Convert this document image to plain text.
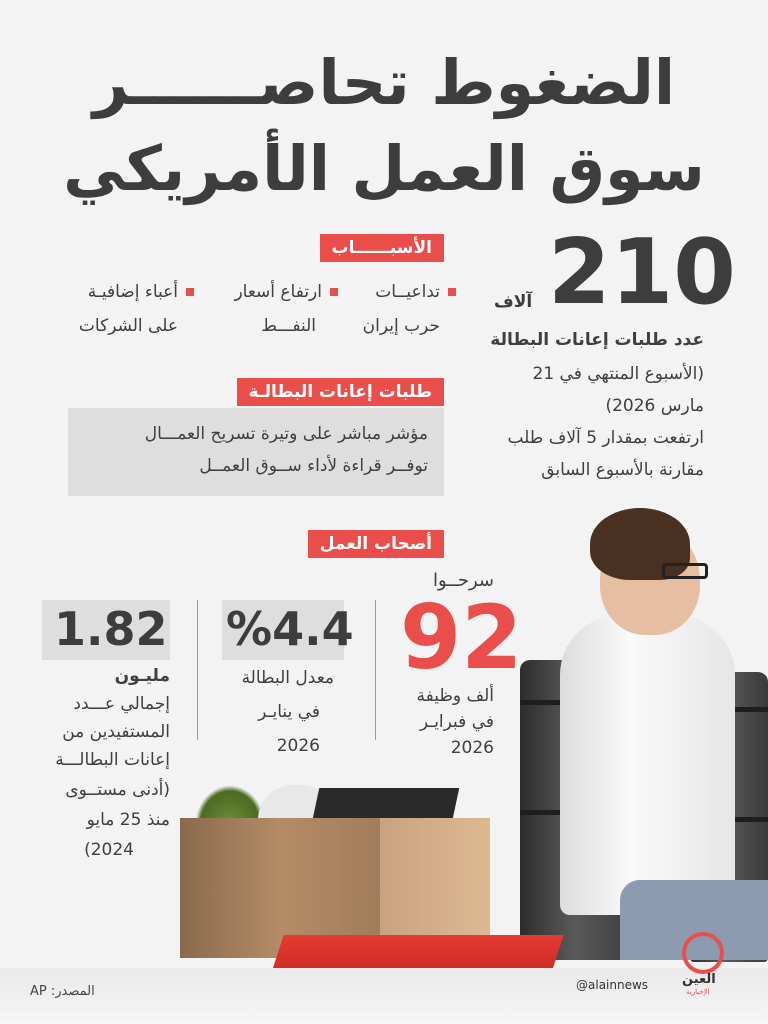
الضغوط تحاصــــــر
سوق العمل الأمريكي
210
آلاف
عدد طلبات إعانات البطالة
(الأسبوع المنتهي في 21
مارس 2026)
ارتفعت بمقدار 5 آلاف طلب
مقارنة بالأسبوع السابق
الأسبــــــاب
تداعيــات
حرب إيران
ارتفاع أسعار
النفـــط
أعباء إضافيـة
على الشركات
طلبات إعانات البطالـة
مؤشر مباشر على وتيرة تسريح العمـــال
توفــر قراءة لأداء ســوق العمــل
أصحاب العمل
سرحــوا
92
ألف وظيفة
في فبرايـر
2026
%4.4
معدل البطالة
في ينايـر
2026
1.82
مليـون
إجمالي عـــدد
المستفيدين من
إعانات البطالـــة
(أدنى مستــوى
منذ 25 مايو
2024)
المصدر: AP	@alainnews	العين
الإخبارية
